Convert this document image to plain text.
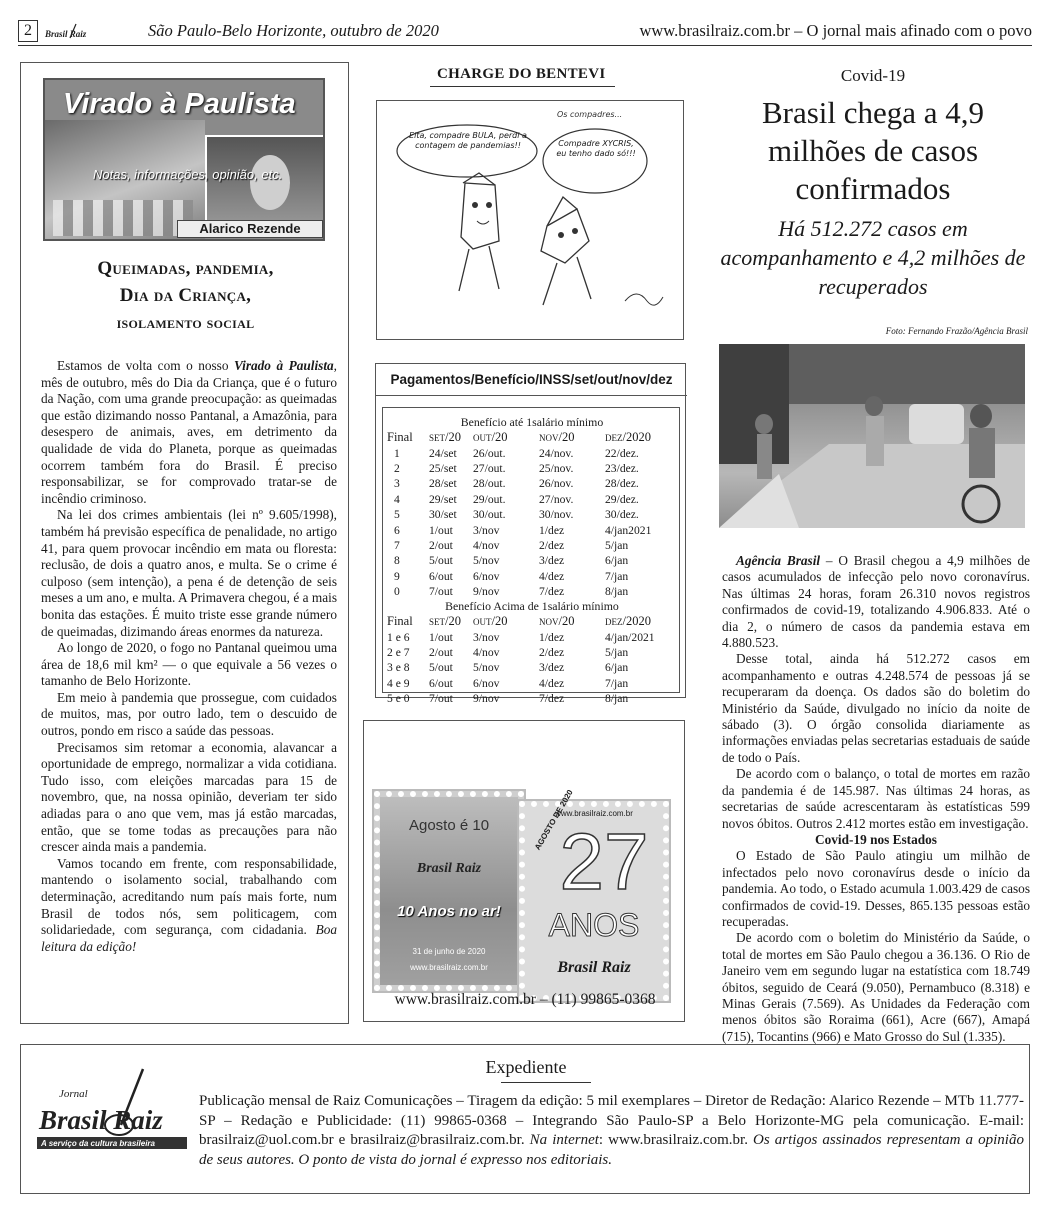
2	Brasil Raiz	São Paulo-Belo Horizonte, outubro de 2020	www.brasilraiz.com.br – O jornal mais afinado com o povo
Virado à Paulista
Notas, informações, opinião, etc.
Alarico Rezende
Queimadas, pandemia,
Dia da Criança,
isolamento social

Estamos de volta com o nosso Virado à Paulista, mês de outubro, mês do Dia da Criança, que é o futuro da Nação, com uma grande preocupação: as queimadas que estão dizimando nosso Pantanal, a Amazônia, para desespero de animais, aves, em detrimento da qualidade de vida do Planeta, porque as queimadas ocorrem também fora do Brasil. É preciso responsabilizar, se for comprovado tratar-se de incêndio criminoso.

Na lei dos crimes ambientais (lei nº 9.605/1998), também há previsão específica de penalidade, no artigo 41, para quem provocar incêndio em mata ou floresta: reclusão, de dois a quatro anos, e multa. Se o crime é culposo (sem intenção), a pena é de detenção de seis meses a um ano, e multa. A Primavera chegou, é a mais bonita das estações. É muito triste esse grande número de queimadas, dizimando áreas enormes da natureza.

Ao longo de 2020, o fogo no Pantanal queimou uma área de 18,6 mil km² — o que equivale a 56 vezes o tamanho de Belo Horizonte.

Em meio à pandemia que prossegue, com cuidados de muitos, mas, por outro lado, tem o descuido de outros, pondo em risco a saúde das pessoas.

Precisamos sim retomar a economia, alavancar a oportunidade de emprego, normalizar a vida cotidiana. Tudo isso, com eleições marcadas para 15 de novembro, que, na nossa opinião, deveriam ter sido adiadas para o ano que vem, mas já estão marcadas, então, que se tome todas as precauções para não crescer ainda mais a pandemia.

Vamos tocando em frente, com responsabilidade, mantendo o isolamento social, trabalhando com determinação, acreditando num país mais forte, num Brasil de todos nós, sem politicagem, com solidariedade, com segurança, com cidadania. Boa leitura da edição!

CHARGE DO BENTEVI
Eita, compadre BULA, perdi a contagem de pandemias!!	Compadre XYCRIS, eu tenho dado só!!!
Os compadres...
Pagamentos/Benefício/INSS/set/out/nov/dez
Benefício até 1salário mínimo
Final	set/20	out/20	nov/20	dez/2020
1	24/set	26/out.	24/nov.	22/dez.
2	25/set	27/out.	25/nov.	23/dez.
3	28/set	28/out.	26/nov.	28/dez.
4	29/set	29/out.	27/nov.	29/dez.
5	30/set	30/out.	30/nov.	30/dez.
6	1/out	3/nov	1/dez	4/jan2021
7	2/out	4/nov	2/dez	5/jan
8	5/out	5/nov	3/dez	6/jan
9	6/out	6/nov	4/dez	7/jan
0	7/out	9/nov	7/dez	8/jan
Benefício Acima de 1salário mínimo
Final	set/20	out/20	nov/20	dez/2020
1 e 6	1/out	3/nov	1/dez	4/jan/2021
2 e 7	2/out	4/nov	2/dez	5/jan
3 e 8	5/out	5/nov	3/dez	6/jan
4 e 9	6/out	6/nov	4/dez	7/jan
5 e 0	7/out	9/nov	7/dez	8/jan
Agosto é 10
Brasil Raiz
10 Anos no ar!
31 de junho de 2020
www.brasilraiz.com.br
www.brasilraiz.com.br
AGOSTO DE 2020
27
ANOS
Brasil Raiz
www.brasilraiz.com.br – (11) 99865-0368
Covid-19
Brasil chega a 4,9 milhões de casos confirmados
Há 512.272 casos em acompanhamento e 4,2 milhões de recuperados
Foto: Fernando Frazão/Agência Brasil

Agência Brasil – O Brasil chegou a 4,9 milhões de casos acumulados de infecção pelo novo coronavírus. Nas últimas 24 horas, foram 26.310 novos registros confirmados de covid-19, totalizando 4.906.833. Até o dia 2, o número de casos da pandemia estava em 4.880.523.

Desse total, ainda há 512.272 casos em acompanhamento e outras 4.248.574 de pessoas já se recuperaram da doença. Os dados são do boletim do Ministério da Saúde, divulgado no início da noite de sábado (3). O órgão consolida diariamente as informações enviadas pelas secretarias estaduais de saúde de todo o País.

De acordo com o balanço, o total de mortes em razão da pandemia é de 145.987. Nas últimas 24 horas, as secretarias de saúde acrescentaram às estatísticas 599 novos óbitos. Outros 2.412 mortes estão em investigação.

Covid-19 nos Estados

O Estado de São Paulo atingiu um milhão de infectados pelo novo coronavírus desde o início da pandemia. Ao todo, o Estado acumula 1.003.429 de casos confirmados de covid-19. Desses, 865.135 pessoas estão recuperadas.

De acordo com o boletim do Ministério da Saúde, o total de mortes em São Paulo chegou a 36.136. O Rio de Janeiro vem em segundo lugar na estatística com 18.749 óbitos, seguido de Ceará (9.050), Pernambuco (8.318) e Minas Gerais (7.569). As Unidades da Federação com menos óbitos são Roraima (661), Acre (667), Amapá (715), Tocantins (966) e Mato Grosso do Sul (1.335).

Expediente
Jornal
Brasil Raiz
A serviço da cultura brasileira
Publicação mensal de Raiz Comunicações – Tiragem da edição: 5 mil exemplares – Diretor de Redação: Alarico Rezende – MTb 11.777-SP – Redação e Publicidade: (11) 99865-0368 – Integrando São Paulo-SP a Belo Horizonte-MG pela comunicação. E-mail: brasilraiz@uol.com.br e brasilraiz@brasilraiz.com.br. Na internet: www.brasilraiz.com.br. Os artigos assinados representam a opinião de seus autores. O ponto de vista do jornal é expresso nos editoriais.
